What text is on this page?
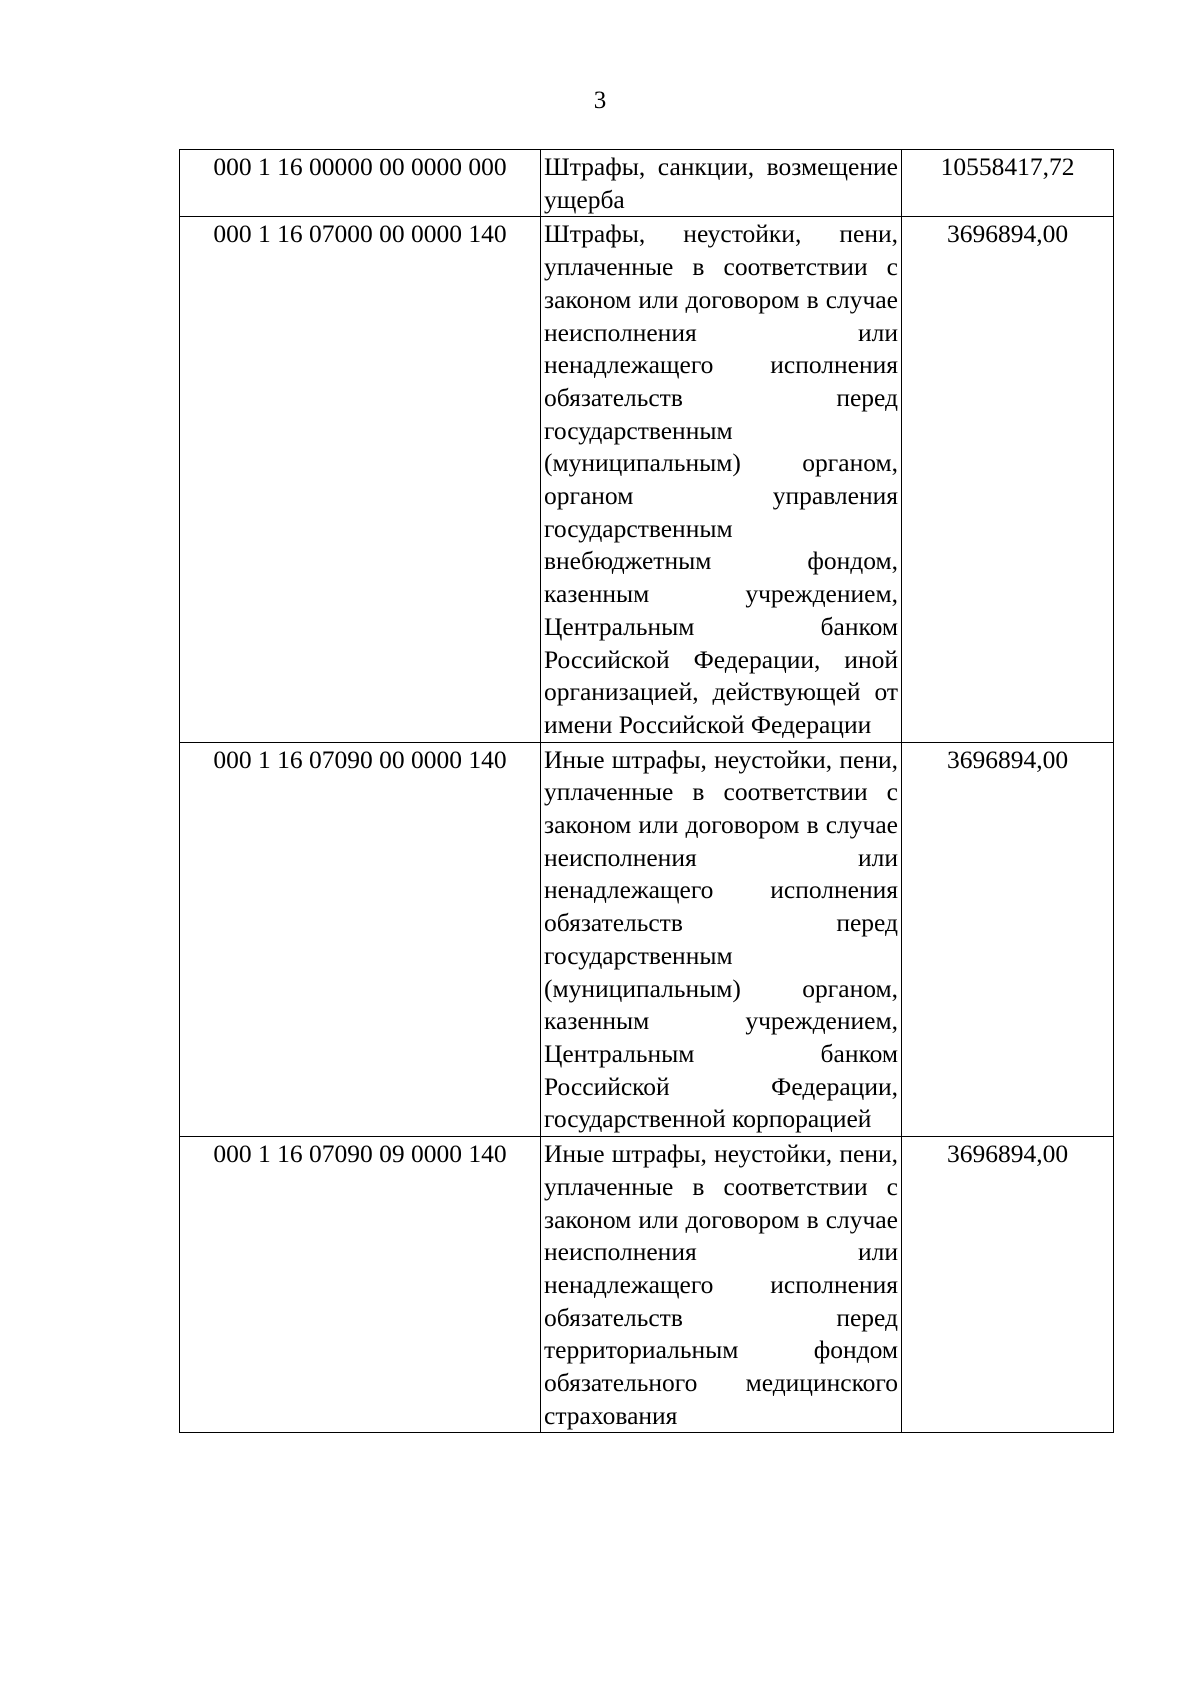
3
000 1 16 00000 00 0000 000	Штрафы, санкции, возмещение ущерба	10558417,72
000 1 16 07000 00 0000 140	Штрафы, неустойки, пени, уплаченные в соответствии с законом или договором в случае неисполнения или ненадлежащего исполнения обязательств перед государственным (муниципальным) органом, органом управления государственным внебюджетным фондом, казенным учреждением, Центральным банком Российской Федерации, иной организацией, действующей от имени Российской Федерации	3696894,00
000 1 16 07090 00 0000 140	Иные штрафы, неустойки, пени, уплаченные в соответствии с законом или договором в случае неисполнения или ненадлежащего исполнения обязательств перед государственным (муниципальным) органом, казенным учреждением, Центральным банком Российской Федерации, государственной корпорацией	3696894,00
000 1 16 07090 09 0000 140	Иные штрафы, неустойки, пени, уплаченные в соответствии с законом или договором в случае неисполнения или ненадлежащего исполнения обязательств перед территориальным фондом обязательного медицинского страхования	3696894,00
